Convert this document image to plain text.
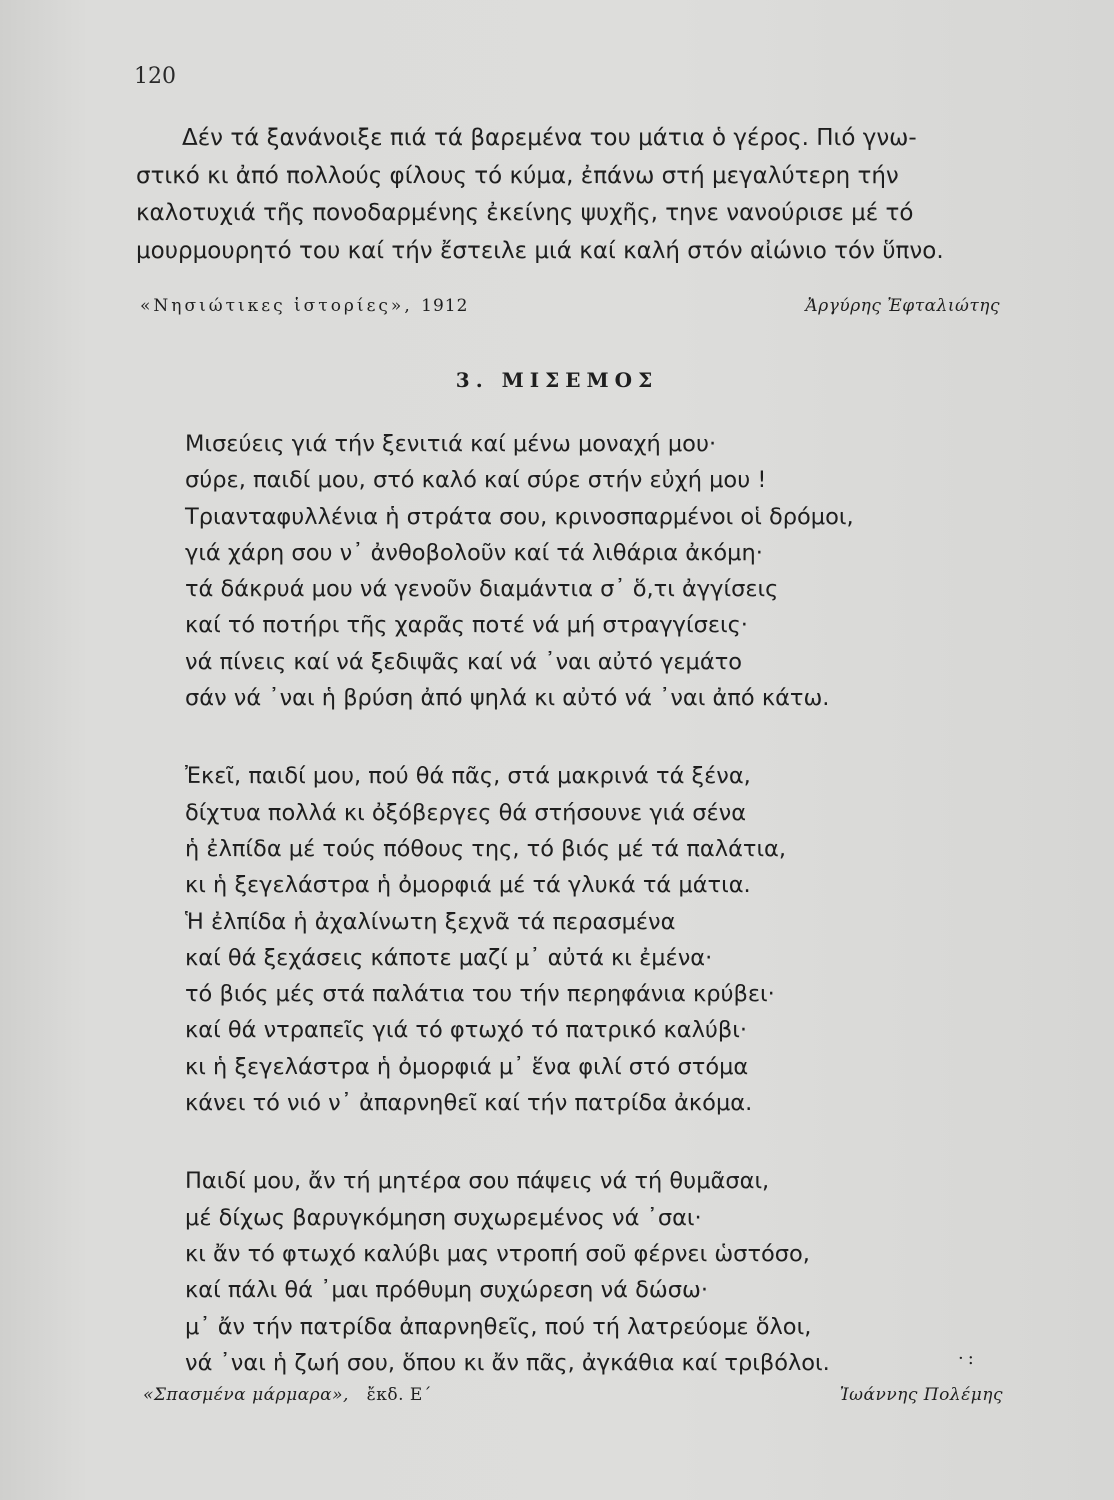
120
Δέν τά ξανάνοιξε πιά τά βαρεμένα του μάτια ὁ γέρος. Πιό γνω-
στικό κι ἀπό πολλούς φίλους τό κύμα, ἐπάνω στή μεγαλύτερη τήν
καλοτυχιά τῆς πονοδαρμένης ἐκείνης ψυχῆς, τηνε νανούρισε μέ τό
μουρμουρητό του καί τήν ἔστειλε μιά καί καλή στόν αἰώνιο τόν ὕπνο.
«Νησιώτικες ἱστορίες», 1912	Ἀργύρης Ἐφταλιώτης
3. ΜΙΣΕΜΟΣ
Μισεύεις γιά τήν ξενιτιά καί μένω μοναχή μου·
σύρε, παιδί μου, στό καλό καί σύρε στήν εὐχή μου !
Τριανταφυλλένια ἡ στράτα σου, κρινοσπαρμένοι οἱ δρόμοι,
γιά χάρη σου ν᾿ ἀνθοβολοῦν καί τά λιθάρια ἀκόμη·
τά δάκρυά μου νά γενοῦν διαμάντια σ᾿ ὅ,τι ἀγγίσεις
καί τό ποτήρι τῆς χαρᾶς ποτέ νά μή στραγγίσεις·
νά πίνεις καί νά ξεδιψᾶς καί νά ᾿ναι αὐτό γεμάτο
σάν νά ᾿ναι ἡ βρύση ἀπό ψηλά κι αὐτό νά ᾿ναι ἀπό κάτω.
Ἐκεῖ, παιδί μου, πού θά πᾶς, στά μακρινά τά ξένα,
δίχτυα πολλά κι ὀξόβεργες θά στήσουνε γιά σένα
ἡ ἐλπίδα μέ τούς πόθους της, τό βιός μέ τά παλάτια,
κι ἡ ξεγελάστρα ἡ ὀμορφιά μέ τά γλυκά τά μάτια.
Ἡ ἐλπίδα ἡ ἀχαλίνωτη ξεχνᾶ τά περασμένα
καί θά ξεχάσεις κάποτε μαζί μ᾿ αὐτά κι ἐμένα·
τό βιός μές στά παλάτια του τήν περηφάνια κρύβει·
καί θά ντραπεῖς γιά τό φτωχό τό πατρικό καλύβι·
κι ἡ ξεγελάστρα ἡ ὀμορφιά μ᾿ ἕνα φιλί στό στόμα
κάνει τό νιό ν᾿ ἀπαρνηθεῖ καί τήν πατρίδα ἀκόμα.
Παιδί μου, ἄν τή μητέρα σου πάψεις νά τή θυμᾶσαι,
μέ δίχως βαρυγκόμηση συχωρεμένος νά ᾿σαι·
κι ἄν τό φτωχό καλύβι μας ντροπή σοῦ φέρνει ὡστόσο,
καί πάλι θά ᾿μαι πρόθυμη συχώρεση νά δώσω·
μ᾿ ἄν τήν πατρίδα ἀπαρνηθεῖς, πού τή λατρεύομε ὅλοι,
νά ᾿ναι ἡ ζωή σου, ὅπου κι ἄν πᾶς, ἀγκάθια καί τριβόλοι.	·:
«Σπασμένα μάρμαρα», ἔκδ. Ε΄	Ἰωάννης Πολέμης
